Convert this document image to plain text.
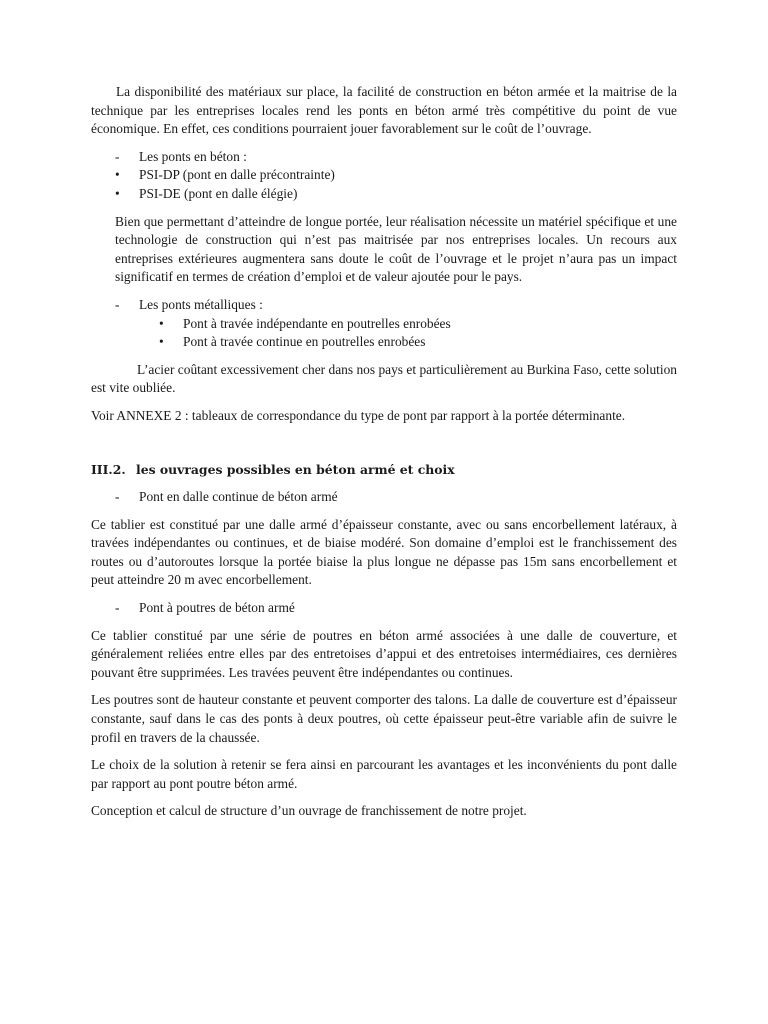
La disponibilité des matériaux sur place, la facilité de construction en béton armée et la maitrise de la technique par les entreprises locales rend les ponts en béton armé très compétitive du point de vue économique. En effet, ces conditions pourraient jouer favorablement sur le coût de l’ouvrage.

-	Les ponts en béton :
•	PSI-DP (pont en dalle précontrainte)
•	PSI-DE (pont en dalle élégie)

Bien que permettant d’atteindre de longue portée, leur réalisation nécessite un matériel spécifique et une technologie de construction qui n’est pas maitrisée par nos entreprises locales. Un recours aux entreprises extérieures augmentera sans doute le coût de l’ouvrage et le projet n’aura pas un impact significatif en termes de création d’emploi et de valeur ajoutée pour le pays.

-	Les ponts métalliques :
•	Pont à travée indépendante en poutrelles enrobées
•	Pont à travée continue en poutrelles enrobées

L’acier coûtant excessivement cher dans nos pays et particulièrement au Burkina Faso, cette solution est vite oubliée.

Voir ANNEXE 2 : tableaux de correspondance du type de pont par rapport à la portée déterminante.

III.2. les ouvrages possibles en béton armé et choix
-	Pont en dalle continue de béton armé

Ce tablier est constitué par une dalle armé d’épaisseur constante, avec ou sans encorbellement latéraux, à travées indépendantes ou continues, et de biaise modéré. Son domaine d’emploi est le franchissement des routes ou d’autoroutes lorsque la portée biaise la plus longue ne dépasse pas 15m sans encorbellement et peut atteindre 20 m avec encorbellement.

-	Pont à poutres de béton armé

Ce tablier constitué par une série de poutres en béton armé associées à une dalle de couverture, et généralement reliées entre elles par des entretoises d’appui et des entretoises intermédiaires, ces dernières pouvant être supprimées. Les travées peuvent être indépendantes ou continues.

Les poutres sont de hauteur constante et peuvent comporter des talons. La dalle de couverture est d’épaisseur constante, sauf dans le cas des ponts à deux poutres, où cette épaisseur peut-être variable afin de suivre le profil en travers de la chaussée.

Le choix de la solution à retenir se fera ainsi en parcourant les avantages et les inconvénients du pont dalle par rapport au pont poutre béton armé.

Conception et calcul de structure d’un ouvrage de franchissement de notre projet.
